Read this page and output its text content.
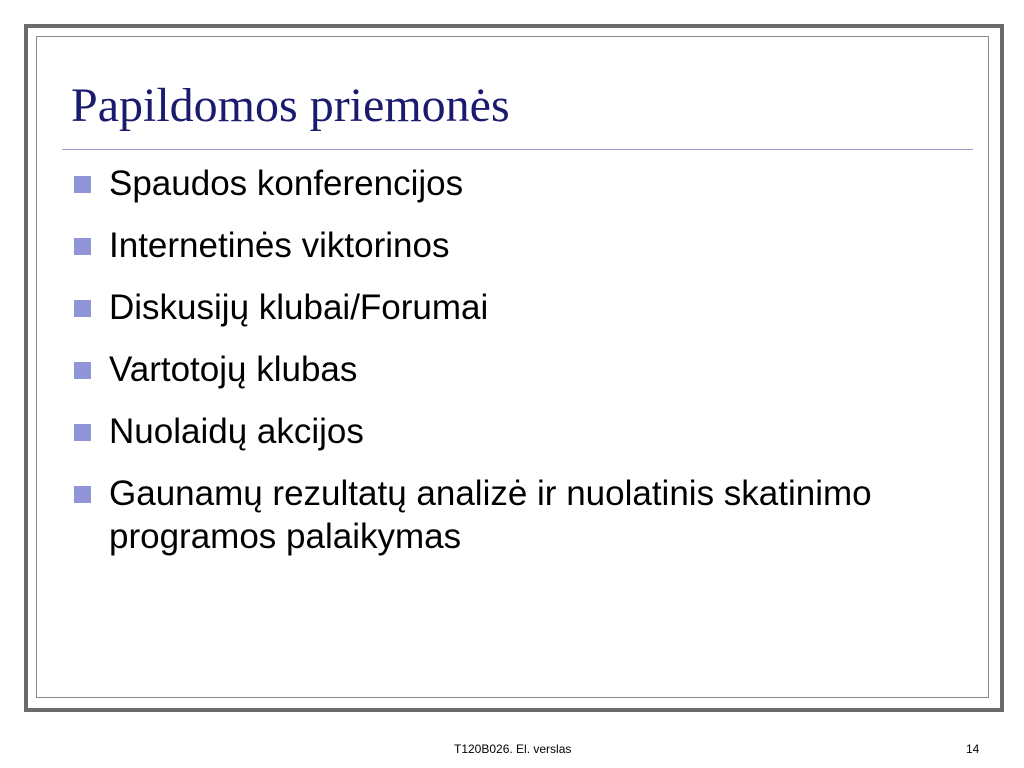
Papildomos priemonės
Spaudos konferencijos
Internetinės viktorinos
Diskusijų klubai/Forumai
Vartotojų klubas
Nuolaidų akcijos
Gaunamų rezultatų analizė ir nuolatinis skatinimo programos palaikymas
T120B026. El. verslas	14
